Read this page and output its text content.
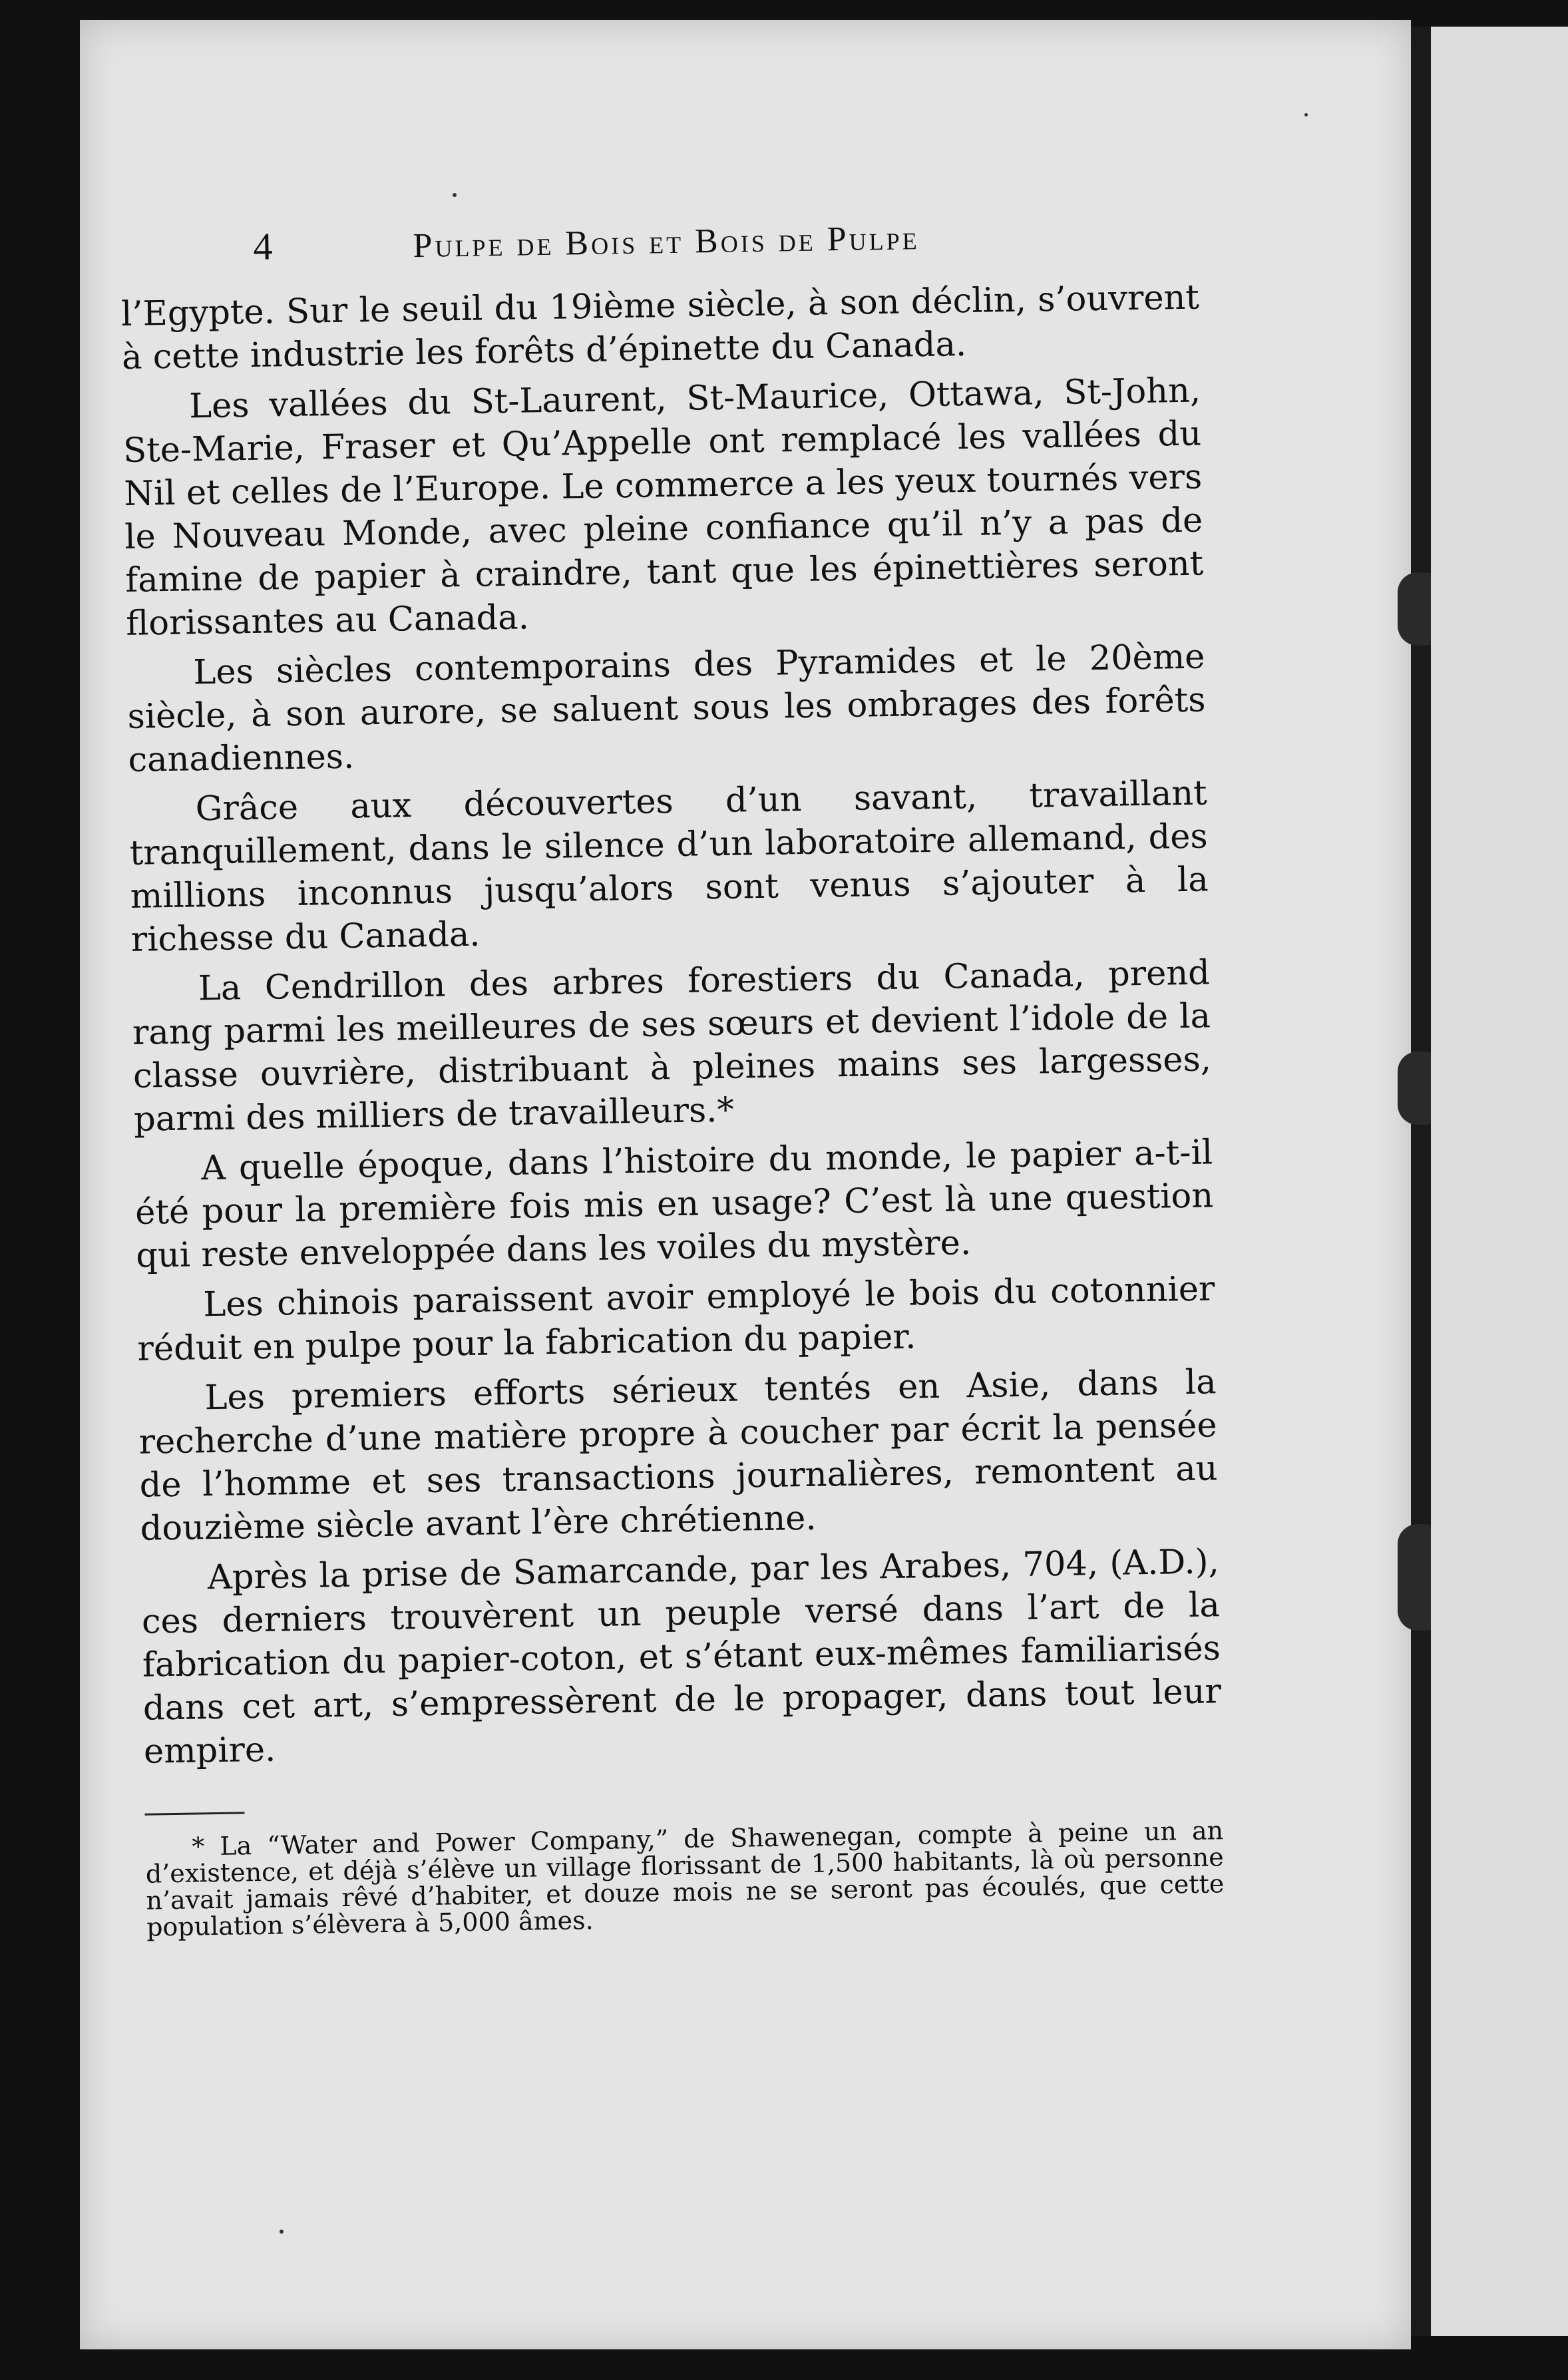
4	Pulpe de Bois et Bois de Pulpe

l’Egypte. Sur le seuil du 19ième siècle, à son déclin, s’ouvrent à cette industrie les forêts d’épinette du Canada.

Les vallées du St-Laurent, St-Maurice, Ottawa, St-John, Ste-Marie, Fraser et Qu’Appelle ont remplacé les vallées du Nil et celles de l’Europe. Le commerce a les yeux tournés vers le Nouveau Monde, avec pleine confiance qu’il n’y a pas de famine de papier à craindre, tant que les épinettières seront florissantes au Canada.

Les siècles contemporains des Pyramides et le 20ème siècle, à son aurore, se saluent sous les ombrages des forêts canadiennes.

Grâce aux découvertes d’un savant, travaillant tranquillement, dans le silence d’un laboratoire allemand, des millions inconnus jusqu’alors sont venus s’ajouter à la richesse du Canada.

La Cendrillon des arbres forestiers du Canada, prend rang parmi les meilleures de ses sœurs et devient l’idole de la classe ouvrière, distribuant à pleines mains ses largesses, parmi des milliers de travailleurs.*

A quelle époque, dans l’histoire du monde, le papier a-t-il été pour la première fois mis en usage? C’est là une question qui reste enveloppée dans les voiles du mystère.

Les chinois paraissent avoir employé le bois du cotonnier réduit en pulpe pour la fabrication du papier.

Les premiers efforts sérieux tentés en Asie, dans la recherche d’une matière propre à coucher par écrit la pensée de l’homme et ses transactions journalières, remontent au douzième siècle avant l’ère chrétienne.

Après la prise de Samarcande, par les Arabes, 704, (A.D.), ces derniers trouvèrent un peuple versé dans l’art de la fabrication du papier-coton, et s’étant eux-mêmes familiarisés dans cet art, s’empressèrent de le propager, dans tout leur empire.

* La “Water and Power Company,” de Shawenegan, compte à peine un an d’existence, et déjà s’élève un village florissant de 1,500 habitants, là où personne n’avait jamais rêvé d’habiter, et douze mois ne se seront pas écoulés, que cette population s’élèvera à 5,000 âmes.
